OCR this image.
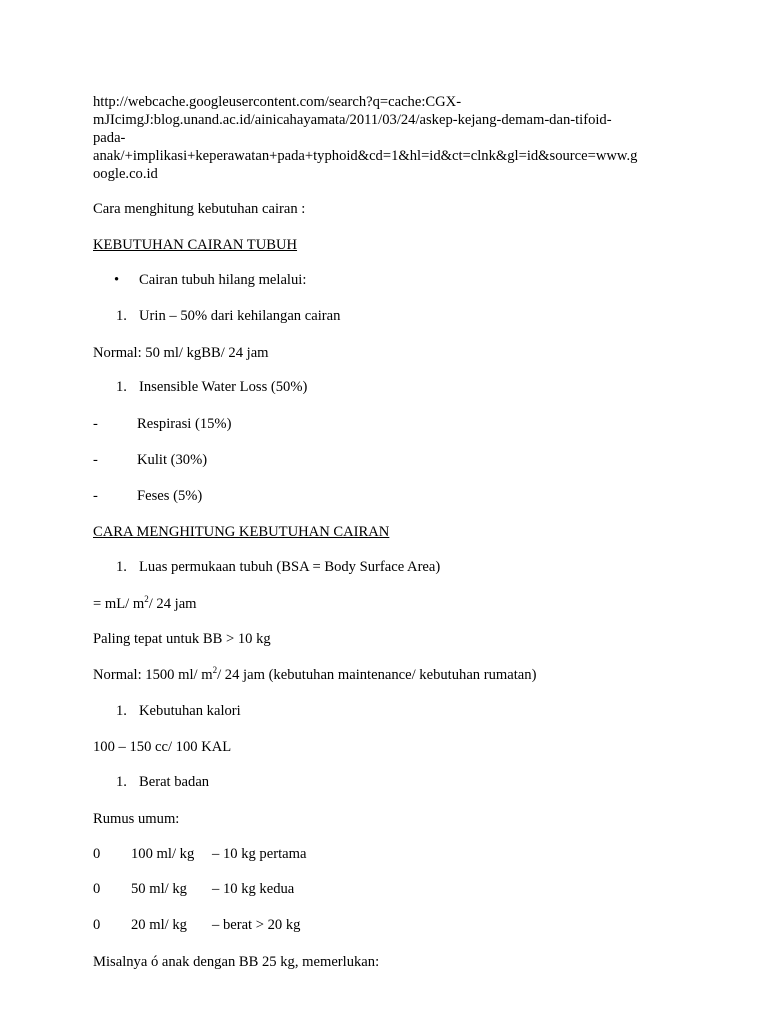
http://webcache.googleusercontent.com/search?q=cache:CGX-
mJIcimgJ:blog.unand.ac.id/ainicahayamata/2011/03/24/askep-kejang-demam-dan-tifoid-
pada-
anak/+implikasi+keperawatan+pada+typhoid&cd=1&hl=id&ct=clnk&gl=id&source=www.g
oogle.co.id
Cara menghitung kebutuhan cairan :
KEBUTUHAN CAIRAN TUBUH
• Cairan tubuh hilang melalui:
1. Urin – 50% dari kehilangan cairan
Normal: 50 ml/ kgBB/ 24 jam
1. Insensible Water Loss (50%)
-	Respirasi (15%)
-	Kulit (30%)
-	Feses (5%)
CARA MENGHITUNG KEBUTUHAN CAIRAN
1. Luas permukaan tubuh (BSA = Body Surface Area)
= mL/ $m^2/$ 24 jam
Paling tepat untuk BB > 10 kg
Normal: 1500 ml/ $m^2/$ 24 jam (kebutuhan maintenance/ kebutuhan rumatan)
1. Kebutuhan kalori
100 – 150 cc/ 100 KAL
1. Berat badan
Rumus umum:
0 100 ml/ kg – 10 kg pertama
0 50 ml/ kg – 10 kg kedua
0 20 ml/ kg – berat > 20 kg
Misalnya ó anak dengan BB 25 kg, memerlukan:
